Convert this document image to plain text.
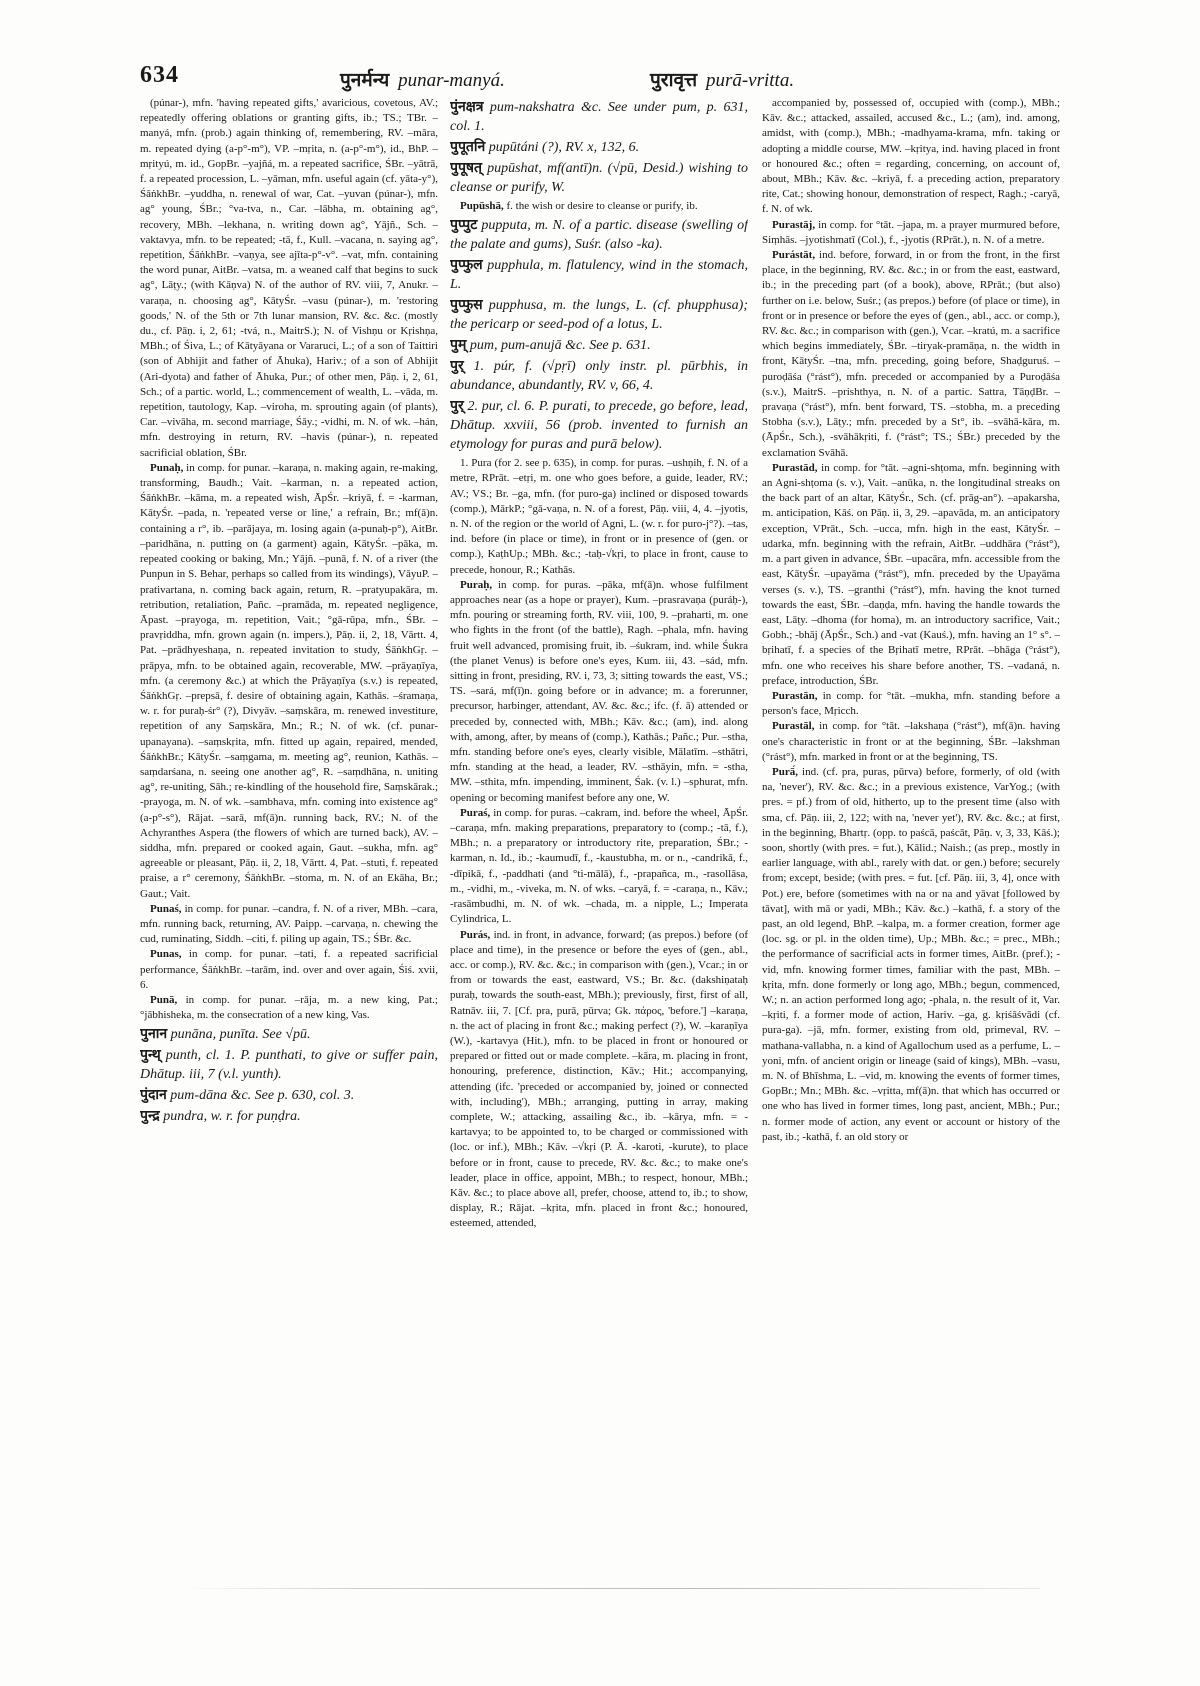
634	पुनर्मन्य punar-manyá.	पुरावृत्त purā-vritta.

(púnar-), mfn. 'having repeated gifts,' avaricious, covetous, AV.; repeatedly offering oblations or granting gifts, ib.; TS.; TBr. –manyá, mfn. (prob.) again thinking of, remembering, RV. –māra, m. repeated dying (a-p°-m°), VP. –mṛita, n. (a-p°-m°), id., BhP. –mṛityú, m. id., GopBr. –yajñá, m. a repeated sacrifice, ŚBr. –yātrā, f. a repeated procession, L. –yāman, mfn. useful again (cf. yāta-y°), ŚāṅkhBr. –yuddha, n. renewal of war, Cat. –yuvan (púnar-), mfn. ag° young, ŚBr.; °va-tva, n., Car. –lābha, m. obtaining ag°, recovery, MBh. –lekhana, n. writing down ag°, Yājñ., Sch. –vaktavya, mfn. to be repeated; -tā, f., Kull. –vacana, n. saying ag°, repetition, ŚāṅkhBr. –vaṇya, see ajīta-p°-v°. –vat, mfn. containing the word punar, AitBr. –vatsa, m. a weaned calf that begins to suck ag°, Lāṭy.; (with Kāṇva) N. of the author of RV. viii, 7, Anukr. –varaṇa, n. choosing ag°, KātyŚr. –vasu (púnar-), m. 'restoring goods,' N. of the 5th or 7th lunar mansion, RV. &c. &c. (mostly du., cf. Pāṇ. i, 2, 61; -tvá, n., MaitrS.); N. of Vishṇu or Kṛishṇa, MBh.; of Śiva, L.; of Kātyāyana or Vararuci, L.; of a son of Taittiri (son of Abhijit and father of Āhuka), Hariv.; of a son of Abhijit (Ari-dyota) and father of Āhuka, Pur.; of other men, Pāṇ. i, 2, 61, Sch.; of a partic. world, L.; commencement of wealth, L. –vāda, m. repetition, tautology, Kap. –viroha, m. sprouting again (of plants), Car. –vivāha, m. second marriage, Śāy.; -vidhi, m. N. of wk. –hán, mfn. destroying in return, RV. –havis (púnar-), n. repeated sacrificial oblation, ŚBr.

Punaḥ, in comp. for punar. –karaṇa, n. making again, re-making, transforming, Baudh.; Vait. –karman, n. a repeated action, ŚāṅkhBr. –kāma, m. a repeated wish, ĀpŚr. –kriyā, f. = -karman, KātyŚr. –pada, n. 'repeated verse or line,' a refrain, Br.; mf(ā)n. containing a r°, ib. –parājaya, m. losing again (a-punaḥ-p°), AitBr. –paridhāna, n. putting on (a garment) again, KātyŚr. –pāka, m. repeated cooking or baking, Mn.; Yājñ. –punā, f. N. of a river (the Punpun in S. Behar, perhaps so called from its windings), VāyuP. –prativartana, n. coming back again, return, R. –pratyupakāra, m. retribution, retaliation, Pañc. –pramāda, m. repeated negligence, Āpast. –prayoga, m. repetition, Vait.; °gā-rūpa, mfn., ŚBr. –pravṛiddha, mfn. grown again (n. impers.), Pāṇ. ii, 2, 18, Vārtt. 4, Pat. –prādhyeshaṇa, n. repeated invitation to study, ŚāṅkhGṛ. –prāpya, mfn. to be obtained again, recoverable, MW. –prāyaṇīya, mfn. (a ceremony &c.) at which the Prāyaṇīya (s.v.) is repeated, ŚāṅkhGṛ. –prepsā, f. desire of obtaining again, Kathās. –śramaṇa, w. r. for puraḥ-śr° (?), Divyāv. –saṃskāra, m. renewed investiture, repetition of any Saṃskāra, Mn.; R.; N. of wk. (cf. punar-upanayana). –saṃskṛita, mfn. fitted up again, repaired, mended, ŚāṅkhBr.; KātyŚr. –saṃgama, m. meeting ag°, reunion, Kathās. –saṃdarśana, n. seeing one another ag°, R. –saṃdhāna, n. uniting ag°, re-uniting, Sāh.; re-kindling of the household fire, Saṃskārak.; -prayoga, m. N. of wk. –sambhava, mfn. coming into existence ag° (a-p°-s°), Rājat. –sarā, mf(ā)n. running back, RV.; N. of the Achyranthes Aspera (the flowers of which are turned back), AV. –siddha, mfn. prepared or cooked again, Gaut. –sukha, mfn. ag° agreeable or pleasant, Pāṇ. ii, 2, 18, Vārtt. 4, Pat. –stuti, f. repeated praise, a r° ceremony, ŚāṅkhBr. –stoma, m. N. of an Ekāha, Br.; Gaut.; Vait.

Punaś, in comp. for punar. –candra, f. N. of a river, MBh. –cara, mfn. running back, returning, AV. Paipp. –carvaṇa, n. chewing the cud, ruminating, Siddh. –citi, f. piling up again, TS.; ŚBr. &c.

Punas, in comp. for punar. –tati, f. a repeated sacrificial performance, ŚāṅkhBr. –tarām, ind. over and over again, Śiś. xvii, 6.

Punā, in comp. for punar. –rāja, m. a new king, Pat.; °jābhisheka, m. the consecration of a new king, Vas.

पुनान punāna, punīta. See √pū.

पुन्थ् punth, cl. 1. P. punthati, to give or suffer pain, Dhātup. iii, 7 (v.l. yunth).

पुंदान pum-dāna &c. See p. 630, col. 3.

पुन्द्र pundra, w. r. for puṇḍra.

पुंनक्षत्र pum-nakshatra &c. See under pum, p. 631, col. 1.

पुपूतनि pupūtáni (?), RV. x, 132, 6.

पुपूषत् pupūshat, mf(antī)n. (√pū, Desid.) wishing to cleanse or purify, W.

Pupūshā, f. the wish or desire to cleanse or purify, ib.

पुप्पुट pupputa, m. N. of a partic. disease (swelling of the palate and gums), Suśr. (also -ka).

पुप्फुल pupphula, m. flatulency, wind in the stomach, L.

पुप्फुस pupphusa, m. the lungs, L. (cf. phupphusa); the pericarp or seed-pod of a lotus, L.

पुम् pum, pum-anujā &c. See p. 631.

पुर् 1. púr, f. (√pṛī) only instr. pl. pūrbhis, in abundance, abundantly, RV. v, 66, 4.

पुर् 2. pur, cl. 6. P. purati, to precede, go before, lead, Dhātup. xxviii, 56 (prob. invented to furnish an etymology for puras and purā below).

1. Pura (for 2. see p. 635), in comp. for puras. –ushṇih, f. N. of a metre, RPrāt. –etṛi, m. one who goes before, a guide, leader, RV.; AV.; VS.; Br. –ga, mfn. (for puro-ga) inclined or disposed towards (comp.), MārkP.; °gā-vaṇa, n. N. of a forest, Pāṇ. viii, 4, 4. –jyotis, n. N. of the region or the world of Agni, L. (w. r. for puro-j°?). –tas, ind. before (in place or time), in front or in presence of (gen. or comp.), KaṭhUp.; MBh. &c.; -taḥ-√kṛi, to place in front, cause to precede, honour, R.; Kathās.

Puraḥ, in comp. for puras. –pāka, mf(ā)n. whose fulfilment approaches near (as a hope or prayer), Kum. –prasravaṇa (puráḥ-), mfn. pouring or streaming forth, RV. viii, 100, 9. –praharti, m. one who fights in the front (of the battle), Ragh. –phala, mfn. having fruit well advanced, promising fruit, ib. –śukram, ind. while Śukra (the planet Venus) is before one's eyes, Kum. iii, 43. –sád, mfn. sitting in front, presiding, RV. i, 73, 3; sitting towards the east, VS.; TS. –sará, mf(ī)n. going before or in advance; m. a forerunner, precursor, harbinger, attendant, AV. &c. &c.; ifc. (f. ā) attended or preceded by, connected with, MBh.; Kāv. &c.; (am), ind. along with, among, after, by means of (comp.), Kathās.; Pañc.; Pur. –stha, mfn. standing before one's eyes, clearly visible, Mālatīm. –sthātri, mfn. standing at the head, a leader, RV. –sthāyin, mfn. = -stha, MW. –sthita, mfn. impending, imminent, Śak. (v. l.) –sphurat, mfn. opening or becoming manifest before any one, W.

Puraś, in comp. for puras. –cakram, ind. before the wheel, ĀpŚr. –caraṇa, mfn. making preparations, preparatory to (comp.; -tā, f.), MBh.; n. a preparatory or introductory rite, preparation, ŚBr.; -karman, n. Id., ib.; -kaumudī, f., -kaustubha, m. or n., -candrikā, f., -dīpikā, f., -paddhati (and °ti-mālā), f., -prapañca, m., -rasollāsa, m., -vidhi, m., -viveka, m. N. of wks. –caryā, f. = -caraṇa, n., Kāv.; -rasāmbudhi, m. N. of wk. –chada, m. a nipple, L.; Imperata Cylindrica, L.

Purás, ind. in front, in advance, forward; (as prepos.) before (of place and time), in the presence or before the eyes of (gen., abl., acc. or comp.), RV. &c. &c.; in comparison with (gen.), Vcar.; in or from or towards the east, eastward, VS.; Br. &c. (dakshiṇataḥ puraḥ, towards the south-east, MBh.); previously, first, first of all, Ratnāv. iii, 7. [Cf. pra, purā, pūrva; Gk. πάρος, 'before.'] –karaṇa, n. the act of placing in front &c.; making perfect (?), W. –karaṇīya (W.), -kartavya (Hit.), mfn. to be placed in front or honoured or prepared or fitted out or made complete. –kāra, m. placing in front, honouring, preference, distinction, Kāv.; Hit.; accompanying, attending (ifc. 'preceded or accompanied by, joined or connected with, including'), MBh.; arranging, putting in array, making complete, W.; attacking, assailing &c., ib. –kārya, mfn. = -kartavya; to be appointed to, to be charged or commissioned with (loc. or inf.), MBh.; Kāv. –√kṛi (P. Ā. -karoti, -kurute), to place before or in front, cause to precede, RV. &c. &c.; to make one's leader, place in office, appoint, MBh.; to respect, honour, MBh.; Kāv. &c.; to place above all, prefer, choose, attend to, ib.; to show, display, R.; Rājat. –kṛita, mfn. placed in front &c.; honoured, esteemed, attended,

accompanied by, possessed of, occupied with (comp.), MBh.; Kāv. &c.; attacked, assailed, accused &c., L.; (am), ind. among, amidst, with (comp.), MBh.; -madhyama-krama, mfn. taking or adopting a middle course, MW. –kṛitya, ind. having placed in front or honoured &c.; often = regarding, concerning, on account of, about, MBh.; Kāv. &c. –kriyā, f. a preceding action, preparatory rite, Cat.; showing honour, demonstration of respect, Ragh.; -caryā, f. N. of wk.

Purastāj, in comp. for °tāt. –japa, m. a prayer murmured before, Siṃhās. –jyotishmatī (Col.), f., -jyotis (RPrāt.), n. N. of a metre.

Purástāt, ind. before, forward, in or from the front, in the first place, in the beginning, RV. &c. &c.; in or from the east, eastward, ib.; in the preceding part (of a book), above, RPrāt.; (but also) further on i.e. below, Suśr.; (as prepos.) before (of place or time), in front or in presence or before the eyes of (gen., abl., acc. or comp.), RV. &c. &c.; in comparison with (gen.), Vcar. –kratú, m. a sacrifice which begins immediately, ŚBr. –tiryak-pramāṇa, n. the width in front, KātyŚr. –tna, mfn. preceding, going before, Shaḍguruś. –puroḍāśa (°rást°), mfn. preceded or accompanied by a Puroḍāśa (s.v.), MaitrS. –prishthya, n. N. of a partic. Sattra, TāṇḍBr. –pravaṇa (°rást°), mfn. bent forward, TS. –stobha, m. a preceding Stobha (s.v.), Lāṭy.; mfn. preceded by a St°, ib. –svāhā-kāra, m. (ĀpŚr., Sch.), -svāhākṛiti, f. (°rást°; TS.; ŚBr.) preceded by the exclamation Svāhā.

Purastād, in comp. for °tāt. –agni-shṭoma, mfn. beginning with an Agni-shṭoma (s. v.), Vait. –anūka, n. the longitudinal streaks on the back part of an altar, KātyŚr., Sch. (cf. prāg-an°). –apakarsha, m. anticipation, Kāś. on Pāṇ. ii, 3, 29. –apavāda, m. an anticipatory exception, VPrāt., Sch. –ucca, mfn. high in the east, KātyŚr. –udarka, mfn. beginning with the refrain, AitBr. –uddhāra (°rást°), m. a part given in advance, ŚBr. –upacāra, mfn. accessible from the east, KātyŚr. –upayāma (°rást°), mfn. preceded by the Upayāma verses (s. v.), TS. –granthi (°rást°), mfn. having the knot turned towards the east, ŚBr. –daṇḍa, mfn. having the handle towards the east, Lāṭy. –dhoma (for homa), m. an introductory sacrifice, Vait.; Gobh.; -bhāj (ĀpŚr., Sch.) and -vat (Kauś.), mfn. having an 1° s°. –bṛihatī, f. a species of the Bṛihatī metre, RPrāt. –bhāga (°rást°), mfn. one who receives his share before another, TS. –vadaná, n. preface, introduction, ŚBr.

Purastān, in comp. for °tāt. –mukha, mfn. standing before a person's face, Mṛicch.

Purastāl, in comp. for °tāt. –lakshaṇa (°rást°), mf(ā)n. having one's characteristic in front or at the beginning, ŚBr. –lakshman (°rást°), mfn. marked in front or at the beginning, TS.

Purā́, ind. (cf. pra, puras, pūrva) before, formerly, of old (with na, 'never'), RV. &c. &c.; in a previous existence, VarYog.; (with pres. = pf.) from of old, hitherto, up to the present time (also with sma, cf. Pāṇ. iii, 2, 122; with na, 'never yet'), RV. &c. &c.; at first, in the beginning, Bhartṛ. (opp. to paścā, paścāt, Pāṇ. v, 3, 33, Kāś.); soon, shortly (with pres. = fut.), Kālid.; Naish.; (as prep., mostly in earlier language, with abl., rarely with dat. or gen.) before; securely from; except, beside; (with pres. = fut. [cf. Pāṇ. iii, 3, 4], once with Pot.) ere, before (sometimes with na or na and yāvat [followed by tāvat], with mā or yadi, MBh.; Kāv. &c.) –kathā, f. a story of the past, an old legend, BhP. –kalpa, m. a former creation, former age (loc. sg. or pl. in the olden time), Up.; MBh. &c.; = prec., MBh.; the performance of sacrificial acts in former times, AitBr. (pref.); -vid, mfn. knowing former times, familiar with the past, MBh. –kṛita, mfn. done formerly or long ago, MBh.; begun, commenced, W.; n. an action performed long ago; -phala, n. the result of it, Var. –kṛiti, f. a former mode of action, Hariv. –ga, g. kṛiśāśvādi (cf. pura-ga). –jā, mfn. former, existing from old, primeval, RV. –mathana-vallabha, n. a kind of Agallochum used as a perfume, L. –yoni, mfn. of ancient origin or lineage (said of kings), MBh. –vasu, m. N. of Bhīshma, L. –vid, m. knowing the events of former times, GopBr.; Mn.; MBh. &c. –vṛitta, mf(ā)n. that which has occurred or one who has lived in former times, long past, ancient, MBh.; Pur.; n. former mode of action, any event or account or history of the past, ib.; -kathā, f. an old story or
